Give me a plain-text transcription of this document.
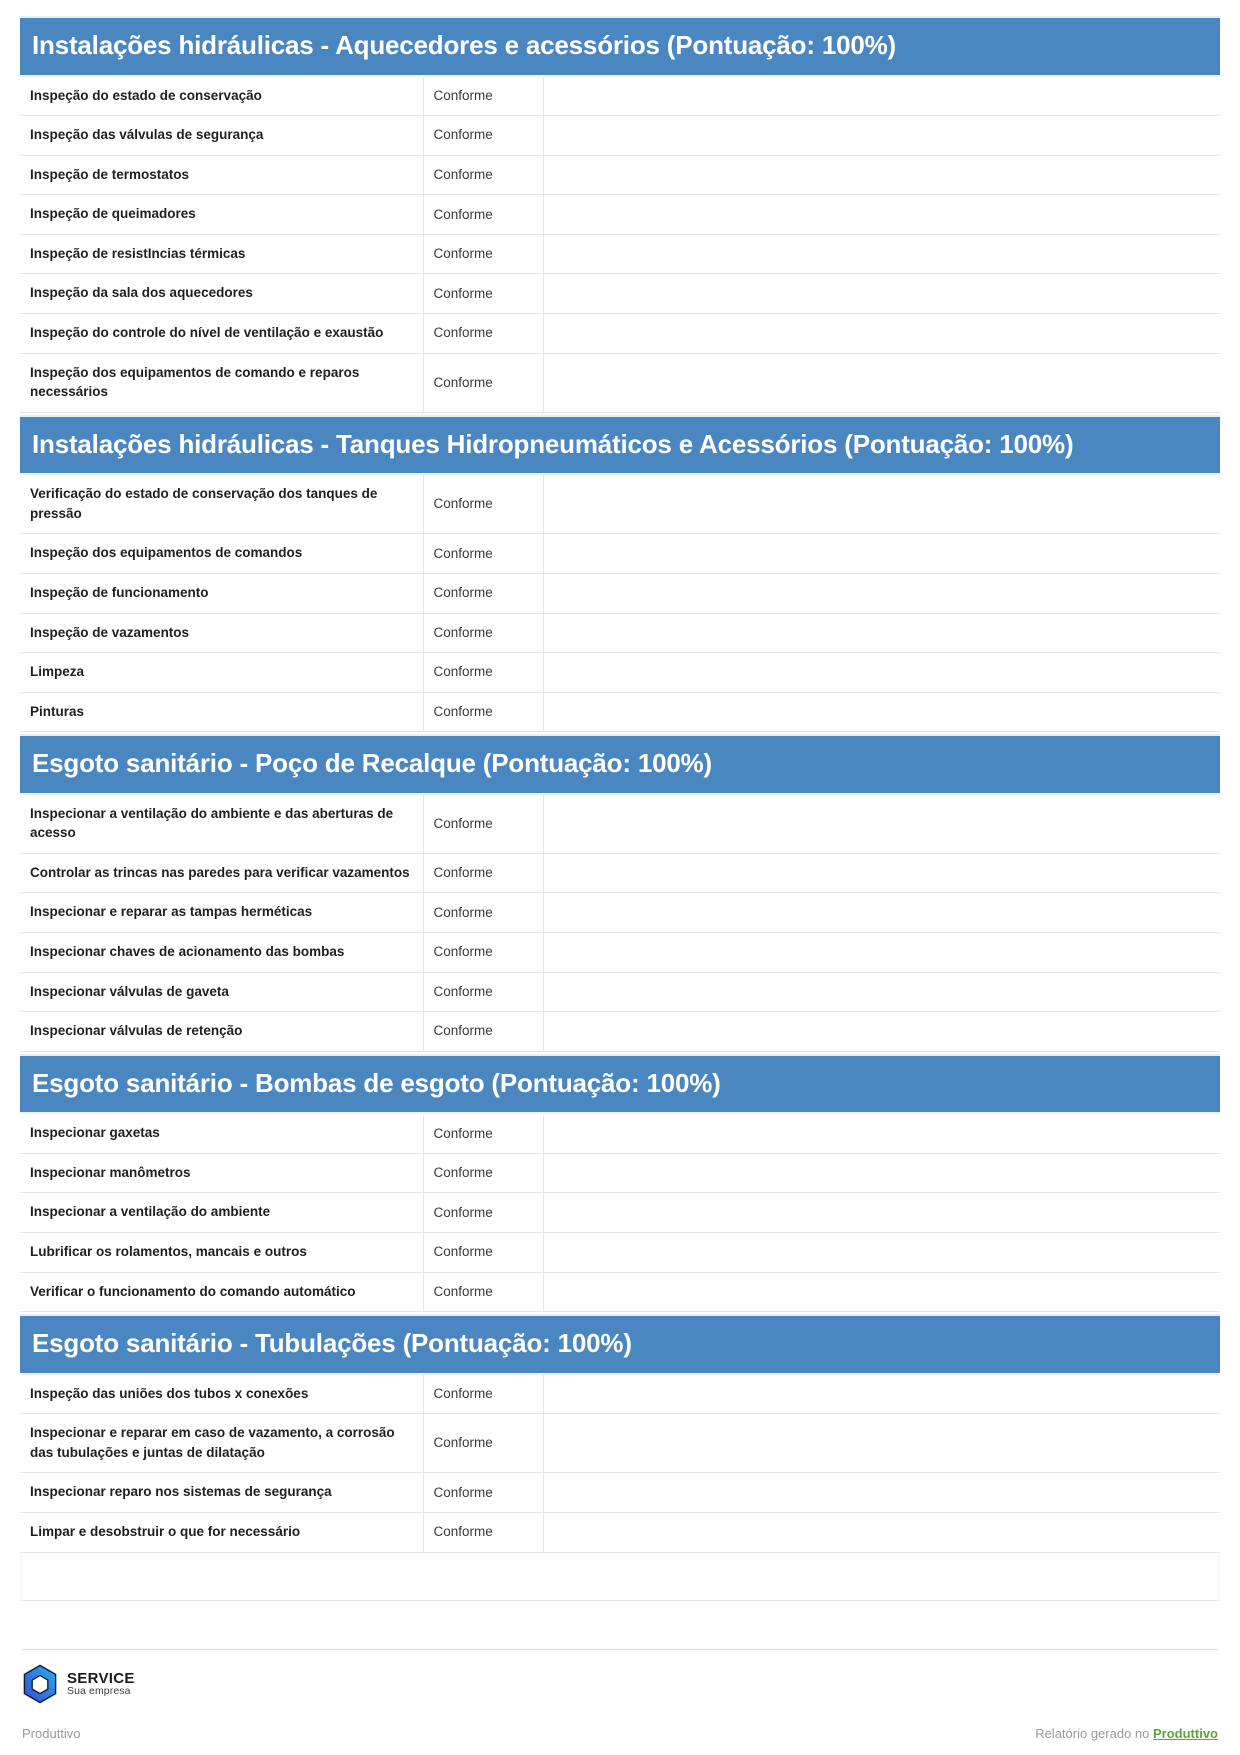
Instalações hidráulicas - Aquecedores e acessórios (Pontuação: 100%)
Inspeção do estado de conservação	Conforme	
Inspeção das válvulas de segurança	Conforme	
Inspeção de termostatos	Conforme	
Inspeção de queimadores	Conforme	
Inspeção de resistIncias térmicas	Conforme	
Inspeção da sala dos aquecedores	Conforme	
Inspeção do controle do nível de ventilação e exaustão	Conforme	
Inspeção dos equipamentos de comando e reparos necessários	Conforme	
Instalações hidráulicas - Tanques Hidropneumáticos e Acessórios (Pontuação: 100%)
Verificação do estado de conservação dos tanques de pressão	Conforme	
Inspeção dos equipamentos de comandos	Conforme	
Inspeção de funcionamento	Conforme	
Inspeção de vazamentos	Conforme	
Limpeza	Conforme	
Pinturas	Conforme	
Esgoto sanitário - Poço de Recalque (Pontuação: 100%)
Inspecionar a ventilação do ambiente e das aberturas de acesso	Conforme	
Controlar as trincas nas paredes para verificar vazamentos	Conforme	
Inspecionar e reparar as tampas herméticas	Conforme	
Inspecionar chaves de acionamento das bombas	Conforme	
Inspecionar válvulas de gaveta	Conforme	
Inspecionar válvulas de retenção	Conforme	
Esgoto sanitário - Bombas de esgoto (Pontuação: 100%)
Inspecionar gaxetas	Conforme	
Inspecionar manômetros	Conforme	
Inspecionar a ventilação do ambiente	Conforme	
Lubrificar os rolamentos, mancais e outros	Conforme	
Verificar o funcionamento do comando automático	Conforme	
Esgoto sanitário - Tubulações (Pontuação: 100%)
Inspeção das uniões dos tubos x conexões	Conforme	
Inspecionar e reparar em caso de vazamento, a corrosão das tubulações e juntas de dilatação	Conforme	
Inspecionar reparo nos sistemas de segurança	Conforme	
Limpar e desobstruir o que for necessário	Conforme	
SERVICE
Sua empresa
Produttivo	Relatório gerado no Produttivo
